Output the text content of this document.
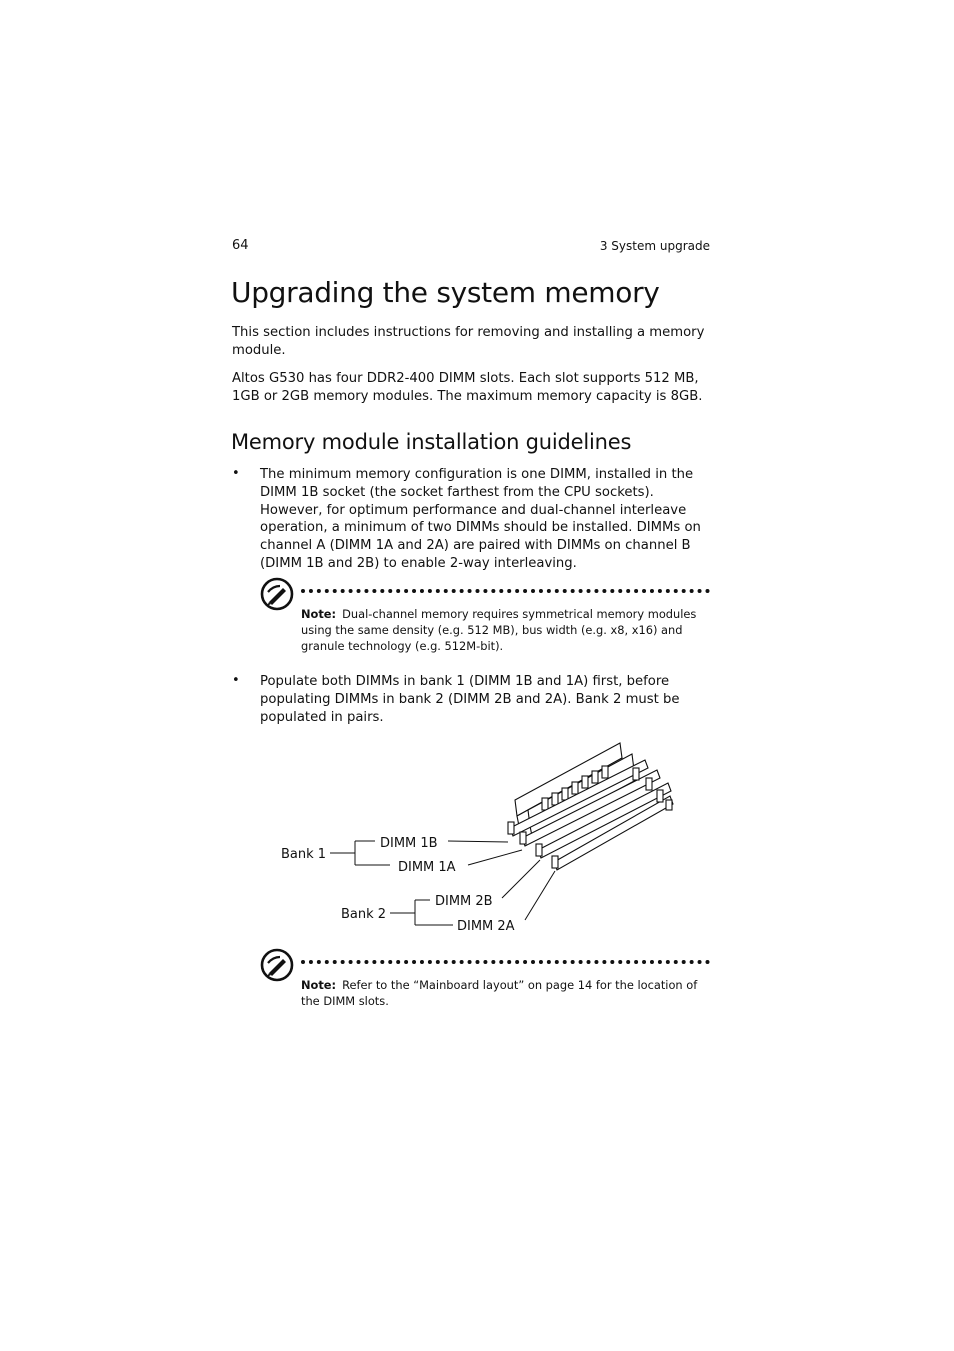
64	3 System upgrade
Upgrading the system memory

This section includes instructions for removing and installing a memory module.

Altos G530 has four DDR2-400 DIMM slots. Each slot supports 512 MB, 1GB or 2GB memory modules. The maximum memory capacity is 8GB.

Memory module installation guidelines
• The minimum memory configuration is one DIMM, installed in the DIMM 1B socket (the socket farthest from the CPU sockets). However, for optimum performance and dual-channel interleave operation, a minimum of two DIMMs should be installed. DIMMs on channel A (DIMM 1A and 2A) are paired with DIMMs on channel B (DIMM 1B and 2B) to enable 2-way interleaving.

Note: Dual-channel memory requires symmetrical memory modules using the same density (e.g. 512 MB), bus width (e.g. x8, x16) and granule technology (e.g. 512M-bit).

• Populate both DIMMs in bank 1 (DIMM 1B and 1A) first, before populating DIMMs in bank 2 (DIMM 2B and 2A). Bank 2 must be populated in pairs.

Bank 1
DIMM 1B
DIMM 1A
Bank 2
DIMM 2B
DIMM 2A

Note: Refer to the “Mainboard layout” on page 14 for the location of the DIMM slots.
